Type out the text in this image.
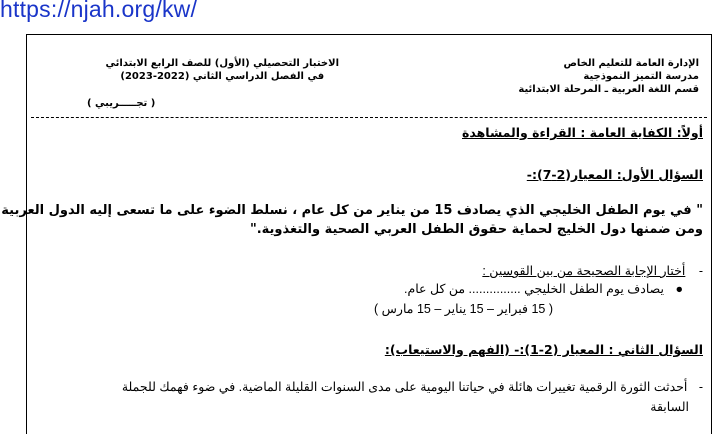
https://njah.org/kw/
الإدارة العامة للتعليم الخاص
مدرسة التميز النموذجية
قسم اللغة العربية ـ المرحلة الابتدائية
الاختبار التحصيلي (الأول) للصف الرابع الابتدائي
في الفصل الدراسي الثاني (2022-2023)
( تجـــــريبي )
أولاً: الكفاية العامة : القراءة والمشاهدة
السؤال الأول: المعيار(2-7):-
" في يوم الطفل الخليجي الذي يصادف 15 من يناير من كل عام ، نسلط الضوء على ما تسعى إليه الدول العربية
ومن ضمنها دول الخليج لحماية حقوق الطفل العربي الصحية والتغذوية."
- أختار الإجابة الصحيحة من بين القوسين :
● يصادف يوم الطفل الخليجي ............... من كل عام.
( 15 فبراير – 15 يناير – 15 مارس )
السؤال الثاني : المعيار (2-1):- (الفهم والاستيعاب):
- أحدثت الثورة الرقمية تغييرات هائلة في حياتنا اليومية على مدى السنوات القليلة الماضية. في ضوء فهمك للجملة
السابقة
